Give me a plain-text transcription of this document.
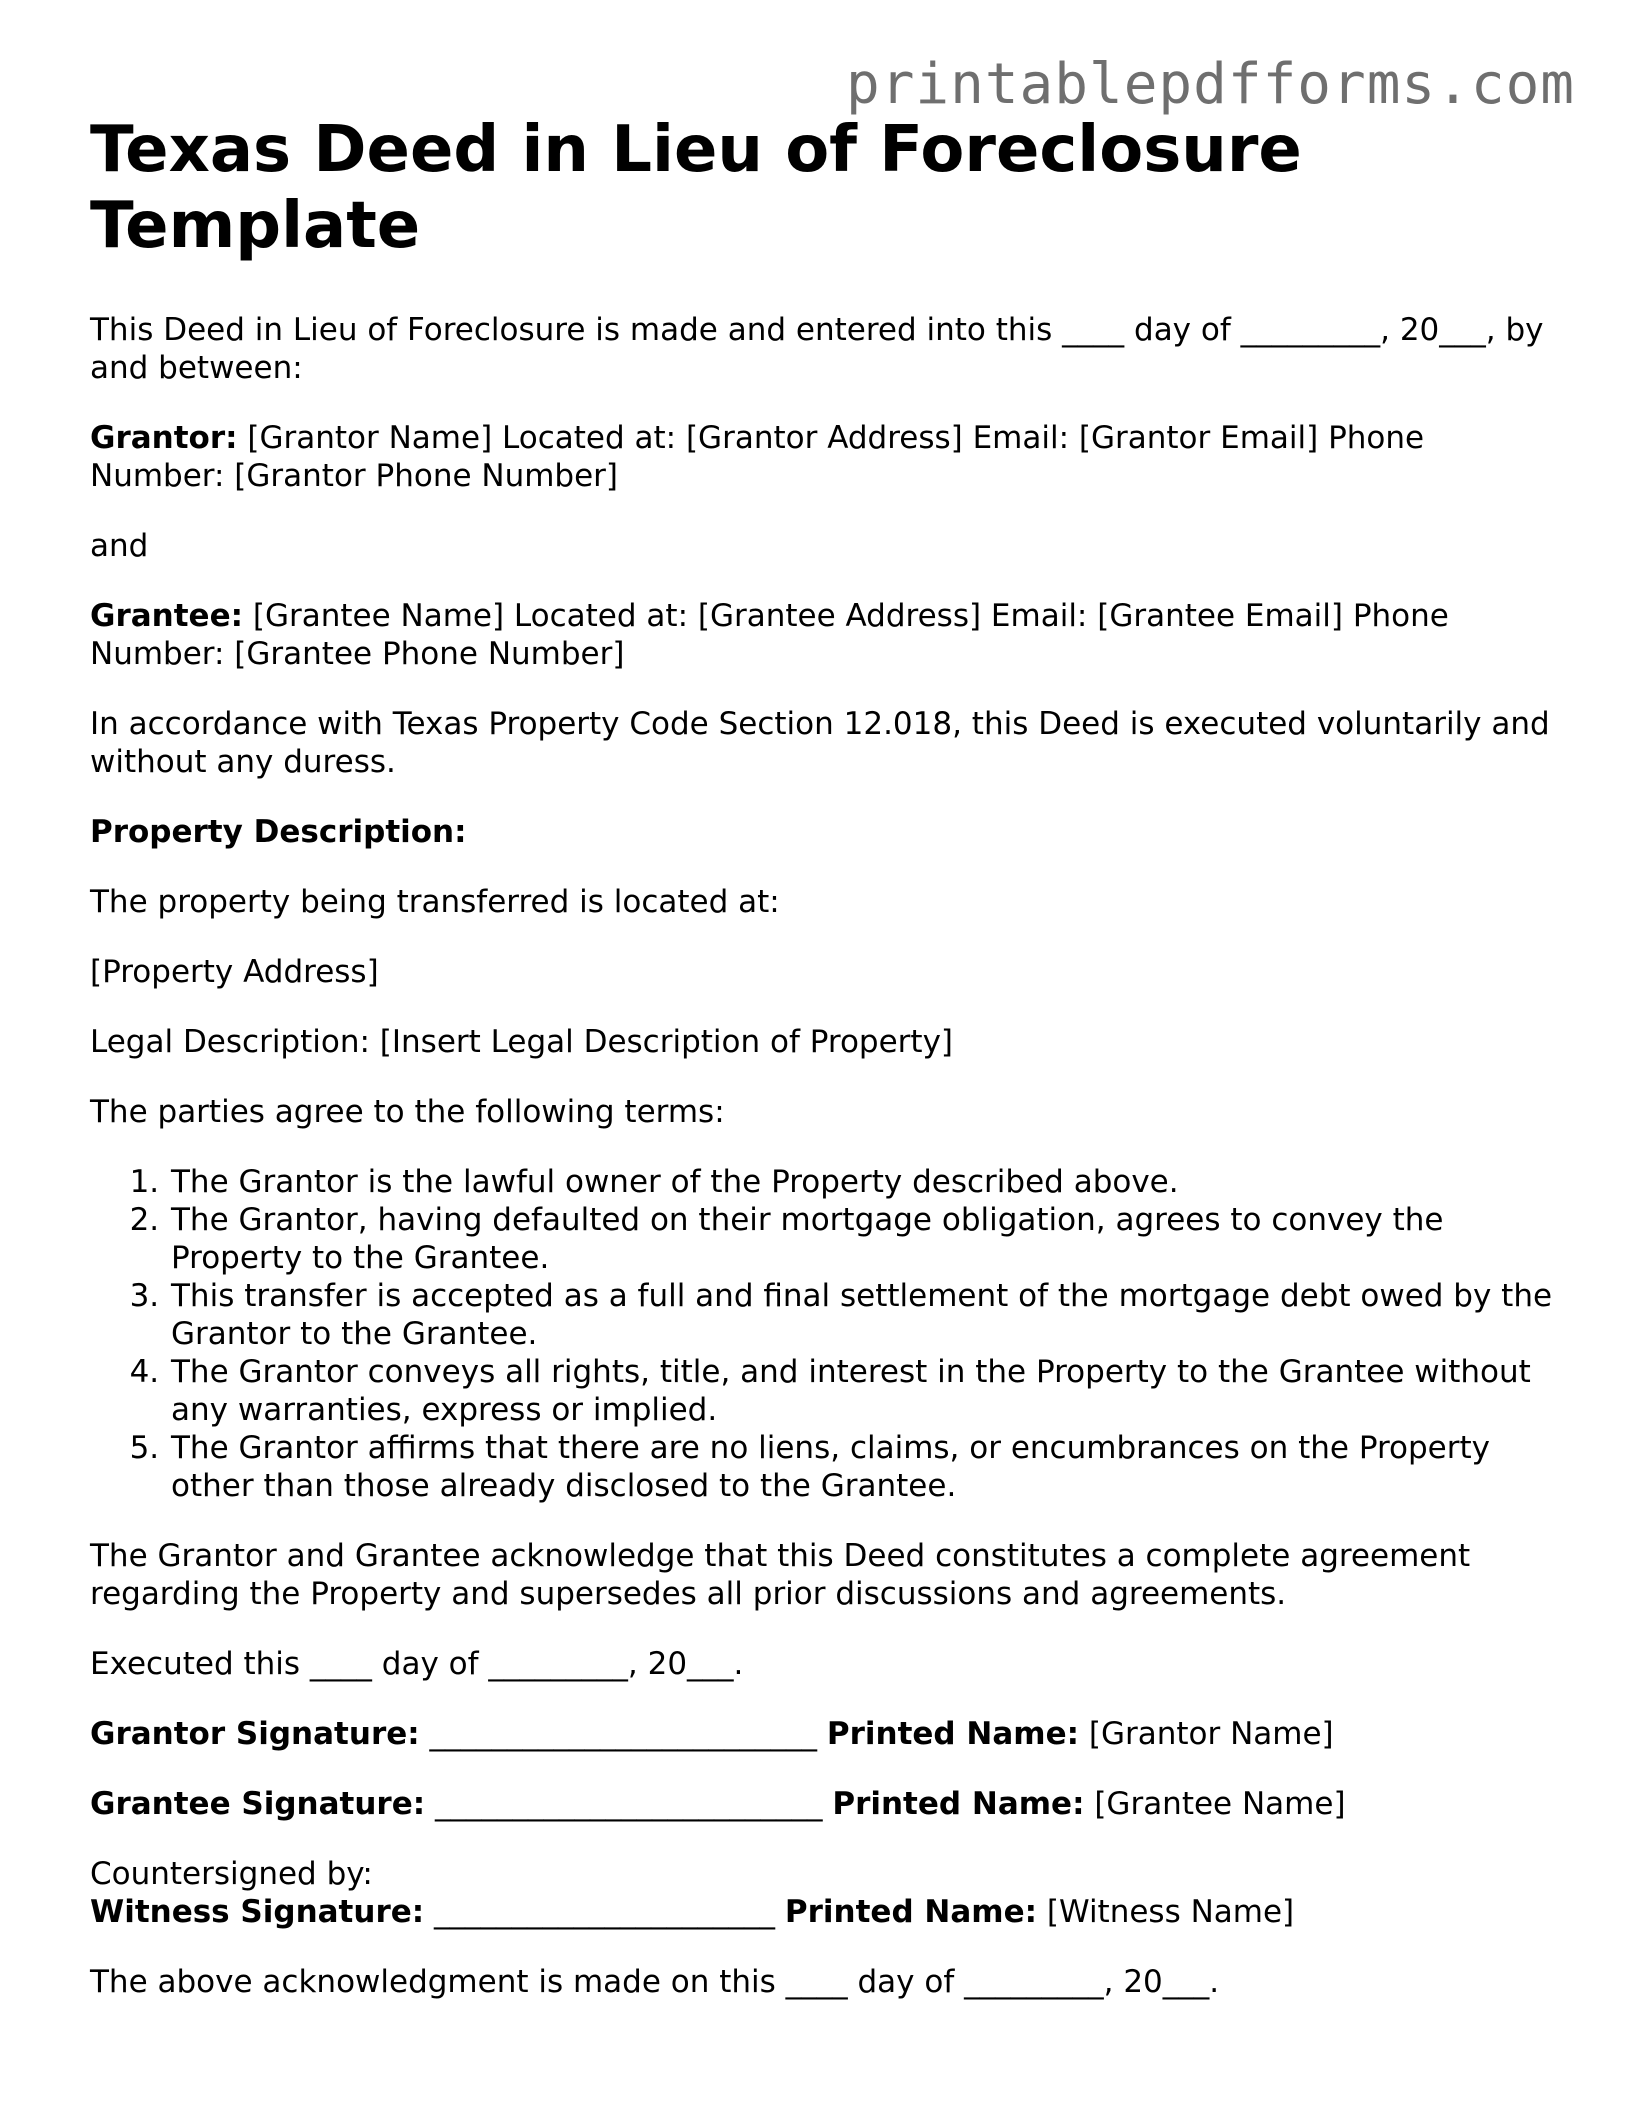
printablepdfforms.com
Texas Deed in Lieu of Foreclosure Template

This Deed in Lieu of Foreclosure is made and entered into this ____ day of _________, 20___, by and between:

Grantor: [Grantor Name] Located at: [Grantor Address] Email: [Grantor Email] Phone Number: [Grantor Phone Number]

and

Grantee: [Grantee Name] Located at: [Grantee Address] Email: [Grantee Email] Phone Number: [Grantee Phone Number]

In accordance with Texas Property Code Section 12.018, this Deed is executed voluntarily and without any duress.

Property Description:

The property being transferred is located at:

[Property Address]

Legal Description: [Insert Legal Description of Property]

The parties agree to the following terms:

1. The Grantor is the lawful owner of the Property described above.
2. The Grantor, having defaulted on their mortgage obligation, agrees to convey the Property to the Grantee.
3. This transfer is accepted as a full and final settlement of the mortgage debt owed by the Grantor to the Grantee.
4. The Grantor conveys all rights, title, and interest in the Property to the Grantee without any warranties, express or implied.
5. The Grantor affirms that there are no liens, claims, or encumbrances on the Property other than those already disclosed to the Grantee.

The Grantor and Grantee acknowledge that this Deed constitutes a complete agreement regarding the Property and supersedes all prior discussions and agreements.

Executed this ____ day of _________, 20___.

Grantor Signature: _________________________ Printed Name: [Grantor Name]

Grantee Signature: _________________________ Printed Name: [Grantee Name]

Countersigned by:

Witness Signature: ______________________ Printed Name: [Witness Name]

The above acknowledgment is made on this ____ day of _________, 20___.
